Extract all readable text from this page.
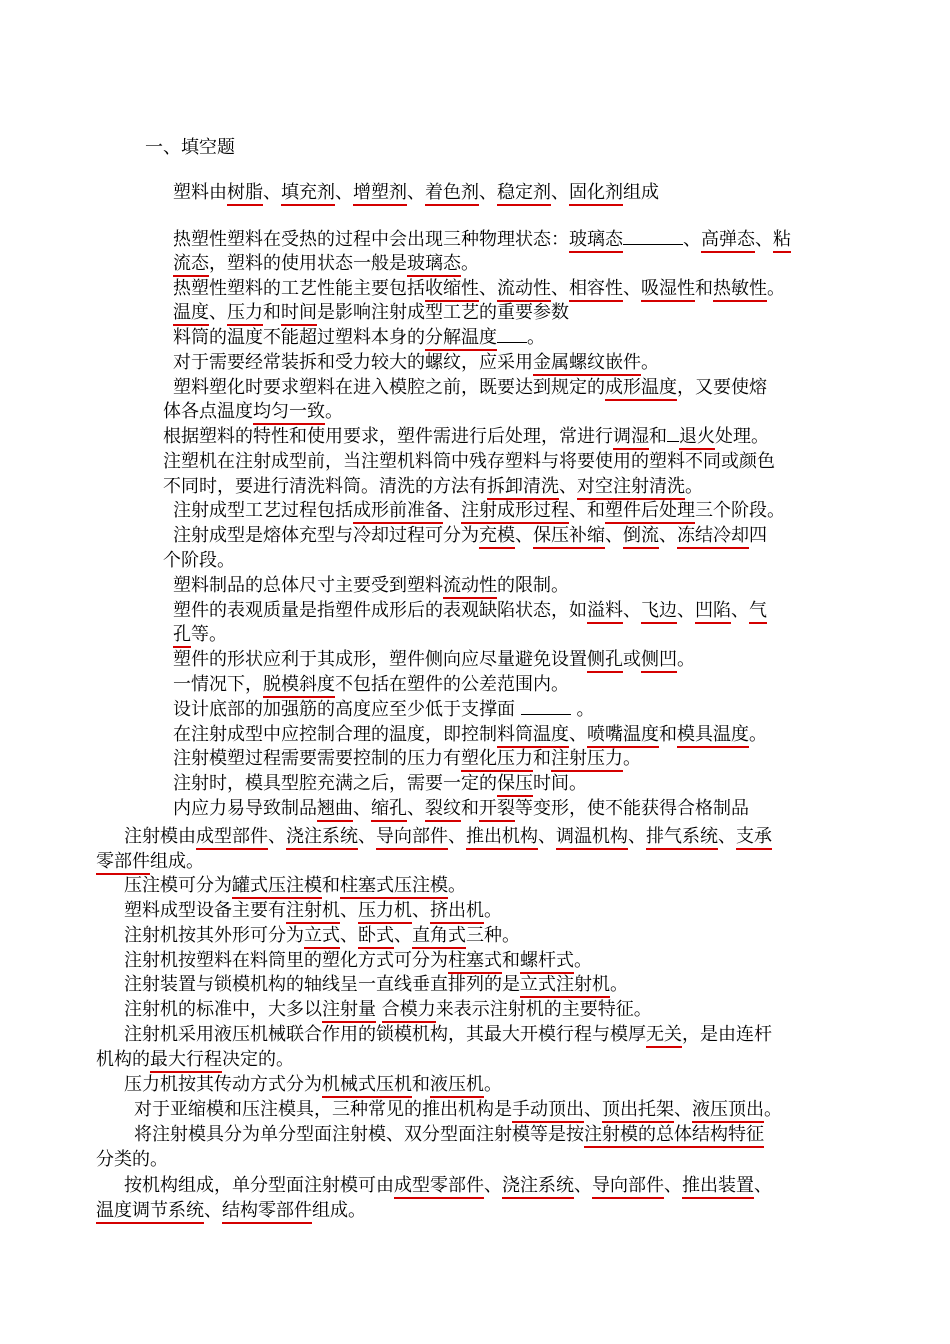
一、填空题
塑料由树脂、填充剂、增塑剂、着色剂、稳定剂、固化剂组成
热塑性塑料在受热的过程中会出现三种物理状态：玻璃态	、高弹态、粘
流态，塑料的使用状态一般是玻璃态。
热塑性塑料的工艺性能主要包括收缩性、流动性、相容性、吸湿性和热敏性。
温度、压力和时间是影响注射成型工艺的重要参数
料筒的温度不能超过塑料本身的分解温度 。
对于需要经常装拆和受力较大的螺纹，应采用金属螺纹嵌件。
塑料塑化时要求塑料在进入模腔之前，既要达到规定的成形温度，又要使熔
体各点温度均匀一致。
根据塑料的特性和使用要求，塑件需进行后处理，常进行调湿和 退火处理。
注塑机在注射成型前，当注塑机料筒中残存塑料与将要使用的塑料不同或颜色
不同时，要进行清洗料筒。清洗的方法有拆卸清洗、对空注射清洗。
注射成型工艺过程包括成形前准备、注射成形过程、和塑件后处理三个阶段。
注射成型是熔体充型与冷却过程可分为充模、保压补缩、倒流、冻结冷却四
个阶段。
塑料制品的总体尺寸主要受到塑料流动性的限制。
塑件的表观质量是指塑件成形后的表观缺陷状态，如溢料、飞边、凹陷、气
孔等。
塑件的形状应利于其成形，塑件侧向应尽量避免设置侧孔或侧凹。
一情况下，脱模斜度不包括在塑件的公差范围内。
设计底部的加强筋的高度应至少低于支撑面	。
在注射成型中应控制合理的温度，即控制料筒温度、喷嘴温度和模具温度。
注射模塑过程需要需要控制的压力有塑化压力和注射压力。
注射时，模具型腔充满之后，需要一定的保压时间。
内应力易导致制品翘曲、缩孔、裂纹和开裂等变形，使不能获得合格制品
注射模由成型部件、浇注系统、导向部件、推出机构、调温机构、排气系统、支承
零部件组成。
压注模可分为罐式压注模和柱塞式压注模。
塑料成型设备主要有注射机、压力机、挤出机。
注射机按其外形可分为立式、卧式、直角式三种。
注射机按塑料在料筒里的塑化方式可分为柱塞式和螺杆式。
注射装置与锁模机构的轴线呈一直线垂直排列的是立式注射机。
注射机的标准中，大多以注射量 合模力来表示注射机的主要特征。
注射机采用液压机械联合作用的锁模机构，其最大开模行程与模厚无关，是由连杆
机构的最大行程决定的。
压力机按其传动方式分为机械式压机和液压机。
对于亚缩模和压注模具，三种常见的推出机构是手动顶出、顶出托架、液压顶出。
将注射模具分为单分型面注射模、双分型面注射模等是按注射模的总体结构特征
分类的。
按机构组成，单分型面注射模可由成型零部件、浇注系统、导向部件、推出装置、
温度调节系统、结构零部件组成。
